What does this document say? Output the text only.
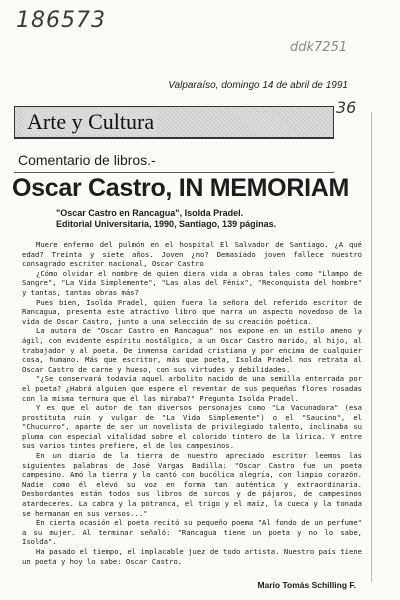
186573
ddk7251
36
Valparaíso, domingo 14 de abril de 1991
Arte y Cultura
Comentario de libros.-
Oscar Castro, IN MEMORIAM
"Oscar Castro en Rancagua", Isolda Pradel.
Editorial Universitaria, 1990, Santiago, 139 páginas.

Muere enfermo del pulmón en el hospital El Salvador de Santiago. ¿A qué edad? Treinta y siete años. Joven ¿no? Demasiado joven fallece nuestro consagrado escritor nacional, Oscar Castro

¿Cómo olvidar el nombre de quien diera vida a obras tales como "Llampo de Sangre", "La Vida Simplemente", "Las alas del Fénix", "Reconquista del hombre" y tantas, tantas obras más?

Pues bien, Isolda Pradel, quien fuera la señora del referido escritor de Rancagua, presenta este atractivo libro que narra un aspecto novedoso de la vida de Oscar Castro, junto a una selección de su creación poética.

La autora de "Oscar Castro en Rancagua" nos expone en un estilo ameno y ágil, con evidente espíritu nostálgico, a un Oscar Castro marido, al hijo, al trabajador y al poeta. De inmensa caridad cristiana y por encima de cualquier cosa, humano. Más que escritor, más que poeta, Isolda Pradel nos retrata al Oscar Castro de carne y hueso, con sus virtudes y debilidades.

"¿Se conservará todavía aquel arbolito nacido de una semilla enterrada por el poeta? ¿Habrá alguien que espere el reventar de sus pequeñas flores rosadas con la misma ternura que él las miraba?" Pregunta Isolda Pradel.

Y es que el autor de tan diversos personajes como "La Vacunadora" (esa prostituta ruin y vulgar de "La Vida Simplemente") o el "Saucino", el "Chucurro", aparte de ser un novelista de privilegiado talento, inclinaba su pluma con especial vitalidad sobre el colorido tintero de la lírica. Y entre sus varios tintes prefiere, el de los campesinos.

En un diario de la tierra de nuestro apreciado escritor leemos las siguientes palabras de José Vargas Badilla: "Oscar Castro fue un poeta campesino. Amó la tierra y la cantó con bucólica alegría, con limpio corazón. Nadie como él elevó su voz en forma tan auténtica y extraordinaria. Desbordantes están todos sus libros de surcos y de pájaros, de campesinos atardeceres. La cabra y la potranca, el trigo y el maíz, la cueca y la tonada se hermanan en sus versos..."

En cierta ocasión el poeta recitó su pequeño poema "Al fondo de un perfume" a su mujer. Al terminar señaló: "Rancagua tiene un poeta y no lo sabe, Isolda".

Ha pasado el tiempo, el implacable juez de todo artista. Nuestro país tiene un poeta y hoy lo sabe: Oscar Castro.

Mario Tomás Schilling F.
